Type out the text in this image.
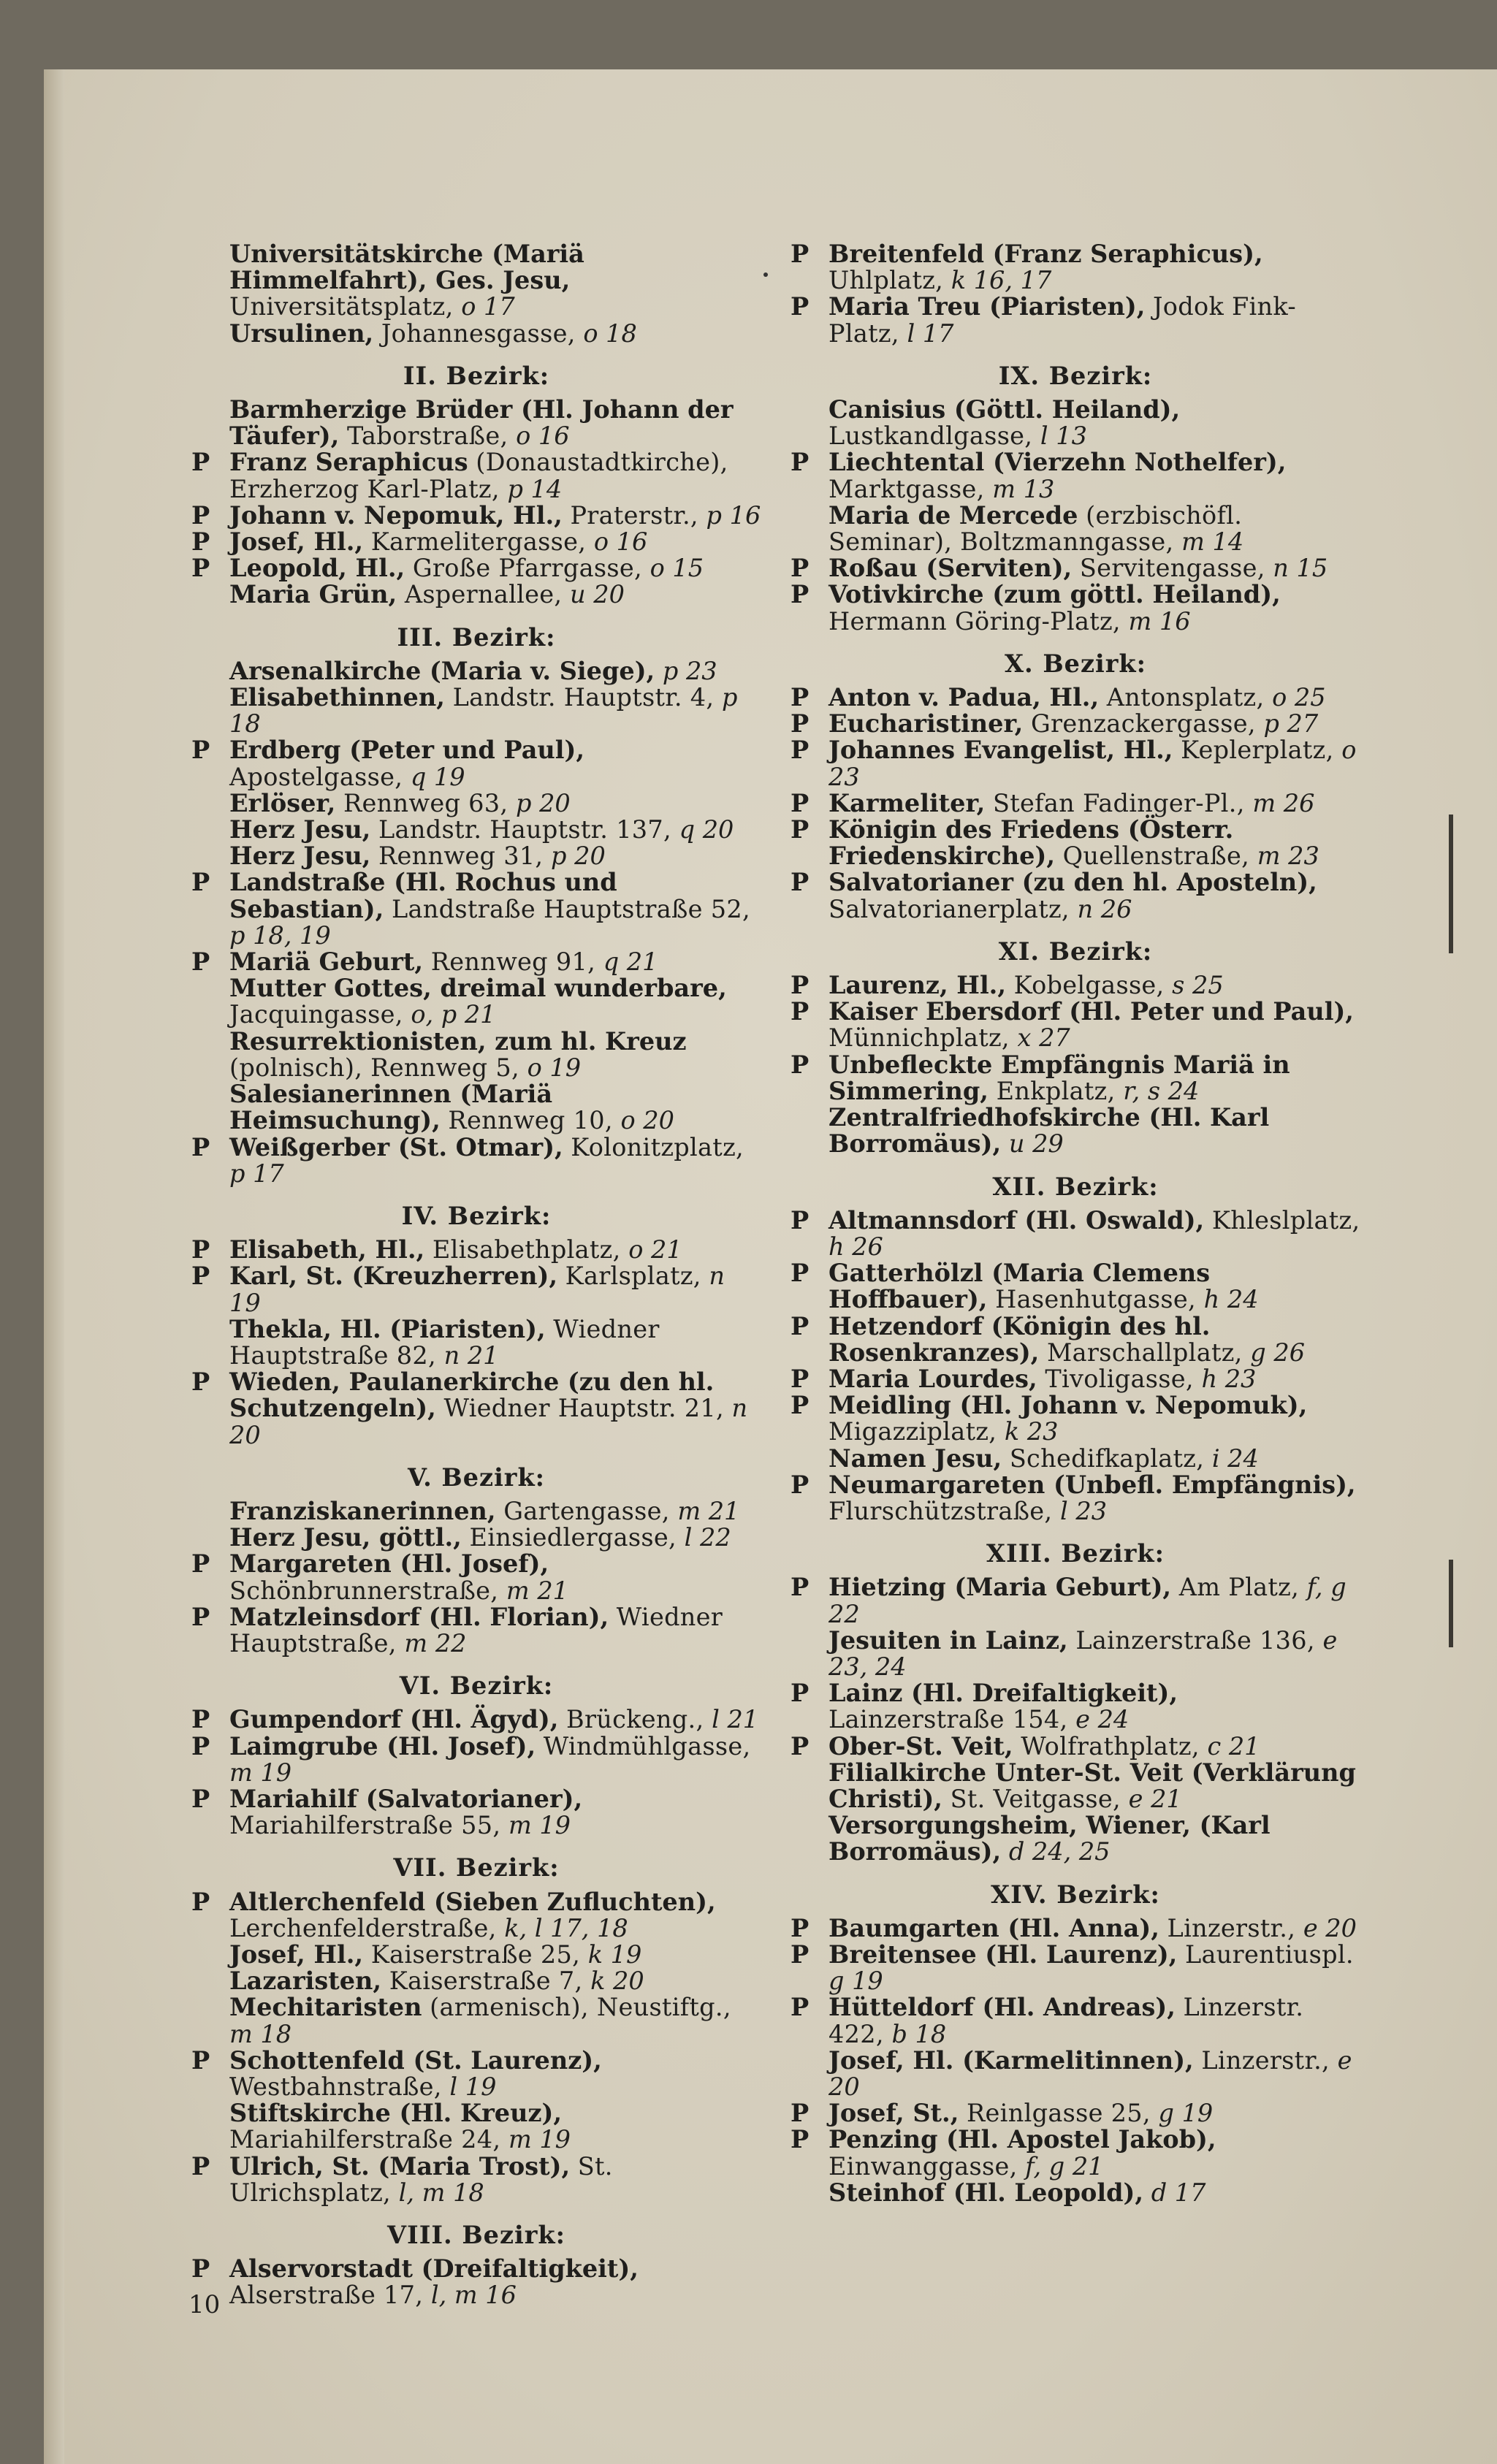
Universitätskirche (Mariä Himmelfahrt), Ges. Jesu, Universitätsplatz, o 17
Ursulinen, Johannesgasse, o 18
II. Bezirk:
Barmherzige Brüder (Hl. Johann der Täufer), Taborstraße, o 16
P Franz Seraphicus (Donaustadtkirche), Erzherzog Karl-Platz, p 14
P Johann v. Nepomuk, Hl., Praterstr., p 16
P Josef, Hl., Karmelitergasse, o 16
P Leopold, Hl., Große Pfarrgasse, o 15
Maria Grün, Aspernallee, u 20
III. Bezirk:
Arsenalkirche (Maria v. Siege), p 23
Elisabethinnen, Landstr. Hauptstr. 4, p 18
P Erdberg (Peter und Paul), Apostelgasse, q 19
Erlöser, Rennweg 63, p 20
Herz Jesu, Landstr. Hauptstr. 137, q 20
Herz Jesu, Rennweg 31, p 20
P Landstraße (Hl. Rochus und Sebastian), Landstraße Hauptstraße 52, p 18, 19
P Mariä Geburt, Rennweg 91, q 21
Mutter Gottes, dreimal wunderbare, Jacquingasse, o, p 21
Resurrektionisten, zum hl. Kreuz (polnisch), Rennweg 5, o 19
Salesianerinnen (Mariä Heimsuchung), Rennweg 10, o 20
P Weißgerber (St. Otmar), Kolonitzplatz, p 17
IV. Bezirk:
P Elisabeth, Hl., Elisabethplatz, o 21
P Karl, St. (Kreuzherren), Karlsplatz, n 19
Thekla, Hl. (Piaristen), Wiedner Hauptstraße 82, n 21
P Wieden, Paulanerkirche (zu den hl. Schutzengeln), Wiedner Hauptstr. 21, n 20
V. Bezirk:
Franziskanerinnen, Gartengasse, m 21
Herz Jesu, göttl., Einsiedlergasse, l 22
P Margareten (Hl. Josef), Schönbrunnerstraße, m 21
P Matzleinsdorf (Hl. Florian), Wiedner Hauptstraße, m 22
VI. Bezirk:
P Gumpendorf (Hl. Ägyd), Brückeng., l 21
P Laimgrube (Hl. Josef), Windmühlgasse, m 19
P Mariahilf (Salvatorianer), Mariahilferstraße 55, m 19
VII. Bezirk:
P Altlerchenfeld (Sieben Zufluchten), Lerchenfelderstraße, k, l 17, 18
Josef, Hl., Kaiserstraße 25, k 19
Lazaristen, Kaiserstraße 7, k 20
Mechitaristen (armenisch), Neustiftg., m 18
P Schottenfeld (St. Laurenz), Westbahnstraße, l 19
Stiftskirche (Hl. Kreuz), Mariahilferstraße 24, m 19
P Ulrich, St. (Maria Trost), St. Ulrichsplatz, l, m 18
VIII. Bezirk:
P Alservorstadt (Dreifaltigkeit), Alserstraße 17, l, m 16
P Breitenfeld (Franz Seraphicus), Uhlplatz, k 16, 17
P Maria Treu (Piaristen), Jodok Fink-Platz, l 17
IX. Bezirk:
Canisius (Göttl. Heiland), Lustkandlgasse, l 13
P Liechtental (Vierzehn Nothelfer), Marktgasse, m 13
Maria de Mercede (erzbischöfl. Seminar), Boltzmanngasse, m 14
P Roßau (Serviten), Servitengasse, n 15
P Votivkirche (zum göttl. Heiland), Hermann Göring-Platz, m 16
X. Bezirk:
P Anton v. Padua, Hl., Antonsplatz, o 25
P Eucharistiner, Grenzackergasse, p 27
P Johannes Evangelist, Hl., Keplerplatz, o 23
P Karmeliter, Stefan Fadinger-Pl., m 26
P Königin des Friedens (Österr. Friedenskirche), Quellenstraße, m 23
P Salvatorianer (zu den hl. Aposteln), Salvatorianerplatz, n 26
XI. Bezirk:
P Laurenz, Hl., Kobelgasse, s 25
P Kaiser Ebersdorf (Hl. Peter und Paul), Münnichplatz, x 27
P Unbefleckte Empfängnis Mariä in Simmering, Enkplatz, r, s 24
Zentralfriedhofskirche (Hl. Karl Borromäus), u 29
XII. Bezirk:
P Altmannsdorf (Hl. Oswald), Khleslplatz, h 26
P Gatterhölzl (Maria Clemens Hoffbauer), Hasenhutgasse, h 24
P Hetzendorf (Königin des hl. Rosenkranzes), Marschallplatz, g 26
P Maria Lourdes, Tivoligasse, h 23
P Meidling (Hl. Johann v. Nepomuk), Migazziplatz, k 23
Namen Jesu, Schedifkaplatz, i 24
P Neumargareten (Unbefl. Empfängnis), Flurschützstraße, l 23
XIII. Bezirk:
P Hietzing (Maria Geburt), Am Platz, f, g 22
Jesuiten in Lainz, Lainzerstraße 136, e 23, 24
P Lainz (Hl. Dreifaltigkeit), Lainzerstraße 154, e 24
P Ober-St. Veit, Wolfrathplatz, c 21
Filialkirche Unter-St. Veit (Verklärung Christi), St. Veitgasse, e 21
Versorgungsheim, Wiener, (Karl Borromäus), d 24, 25
XIV. Bezirk:
P Baumgarten (Hl. Anna), Linzerstr., e 20
P Breitensee (Hl. Laurenz), Laurentiuspl. g 19
P Hütteldorf (Hl. Andreas), Linzerstr. 422, b 18
Josef, Hl. (Karmelitinnen), Linzerstr., e 20
P Josef, St., Reinlgasse 25, g 19
P Penzing (Hl. Apostel Jakob), Einwanggasse, f, g 21
Steinhof (Hl. Leopold), d 17
10
